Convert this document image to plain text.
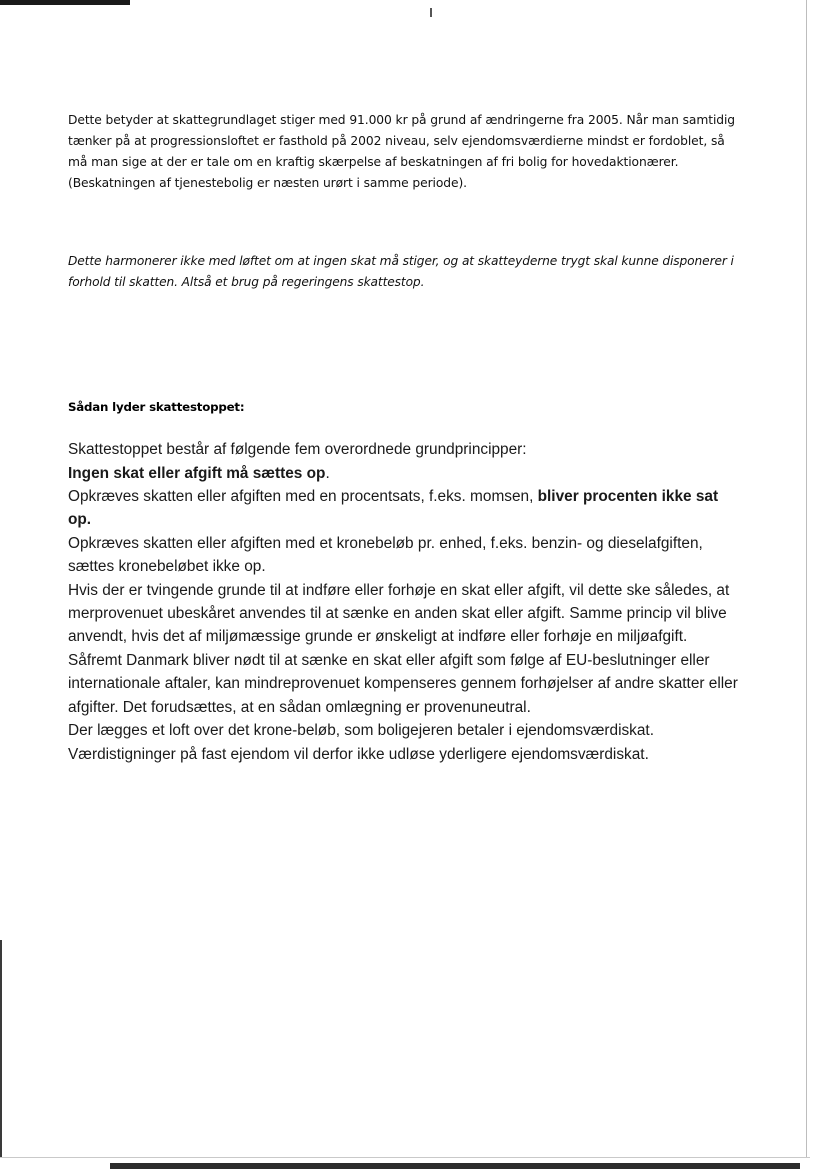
Dette betyder at skattegrundlaget stiger med 91.000 kr på grund af ændringerne fra 2005. Når man samtidig tænker på at progressionsloftet er fasthold på 2002 niveau, selv ejendomsværdierne mindst er fordoblet, så må man sige at der er tale om en kraftig skærpelse af beskatningen af fri bolig for hovedaktionærer. (Beskatningen af tjenestebolig er næsten urørt i samme periode).

Dette harmonerer ikke med løftet om at ingen skat må stiger, og at skatteyderne trygt skal kunne disponerer i forhold til skatten. Altså et brug på regeringens skattestop.

Sådan lyder skattestoppet:

Skattestoppet består af følgende fem overordnede grundprincipper:

Ingen skat eller afgift må sættes op.

Opkræves skatten eller afgiften med en procentsats, f.eks. momsen, bliver procenten ikke sat op.

Opkræves skatten eller afgiften med et kronebeløb pr. enhed, f.eks. benzin- og dieselafgiften, sættes kronebeløbet ikke op.

Hvis der er tvingende grunde til at indføre eller forhøje en skat eller afgift, vil dette ske således, at merprovenuet ubeskåret anvendes til at sænke en anden skat eller afgift. Samme princip vil blive anvendt, hvis det af miljømæssige grunde er ønskeligt at indføre eller forhøje en miljøafgift. Såfremt Danmark bliver nødt til at sænke en skat eller afgift som følge af EU-beslutninger eller internationale aftaler, kan mindreprovenuet kompenseres gennem forhøjelser af andre skatter eller afgifter. Det forudsættes, at en sådan omlægning er provenuneutral.

Der lægges et loft over det krone-beløb, som boligejeren betaler i ejendomsværdiskat. Værdistigninger på fast ejendom vil derfor ikke udløse yderligere ejendomsværdiskat.
